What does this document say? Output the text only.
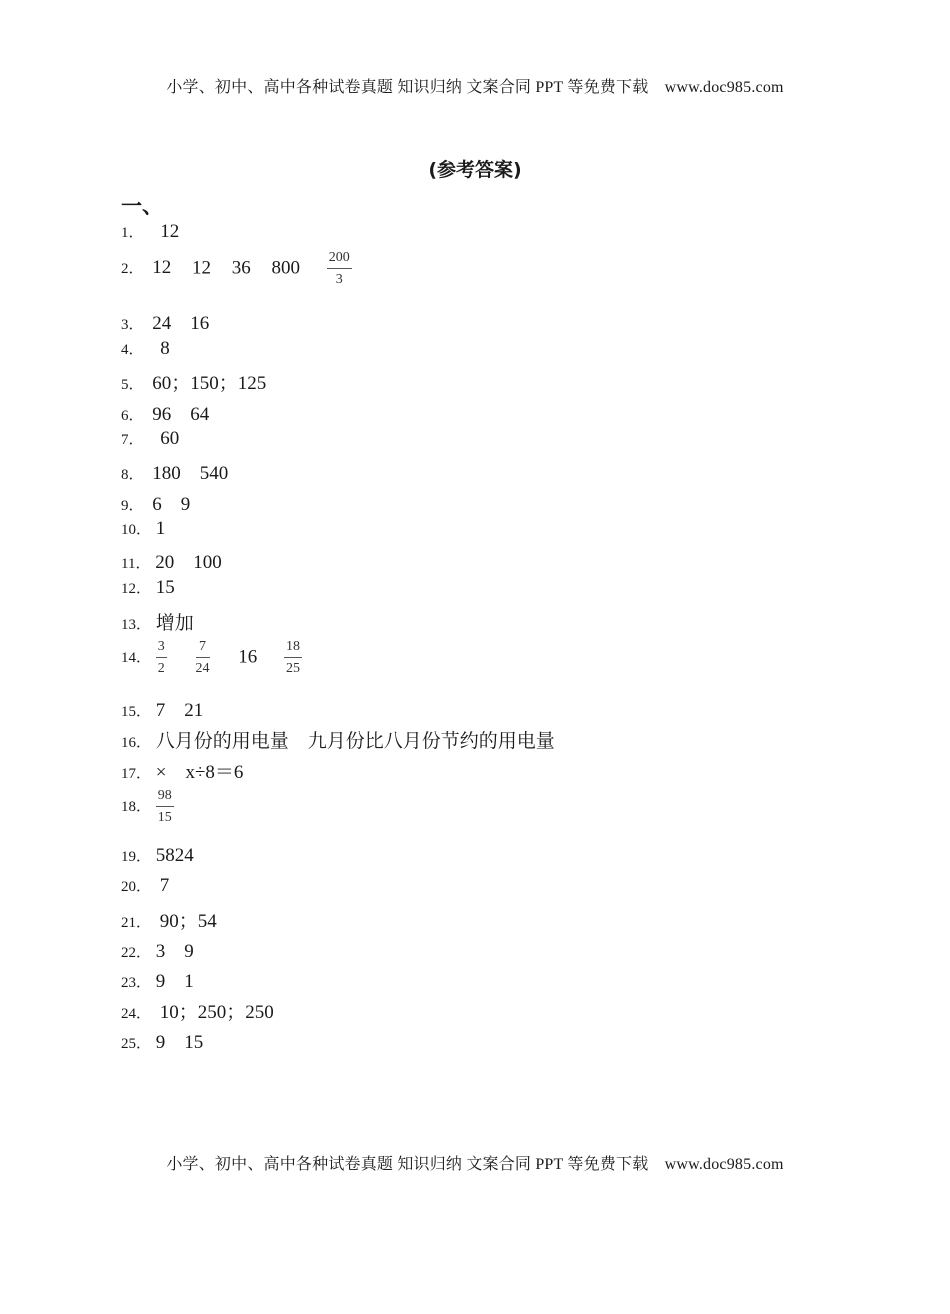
小学、初中、高中各种试卷真题 知识归纳 文案合同 PPT 等免费下载　www.doc985.com
(参考答案)
一、
1． 12
2． 12 12 36 $800 \frac{200}{3}$
3． 24　16
4． 8
5． 60；150；125
6． 96　64
7． 60
8． 180　540
9． 6　9
10． 1
11． 20　100
12． 15
13． 增加
14． $\frac{3}{2}$
$\frac{7}{24} 16 \frac{18}{25}$
15． 7　21
16． 八月份的用电量　九月份比八月份节约的用电量
17． ×　x÷8＝6
18． $\frac{98}{15}$
19． 5824
20． 7
21． 90；54
22． 3　9
23． 9　1
24． 10；250；250
25． 9　15
小学、初中、高中各种试卷真题 知识归纳 文案合同 PPT 等免费下载　www.doc985.com
